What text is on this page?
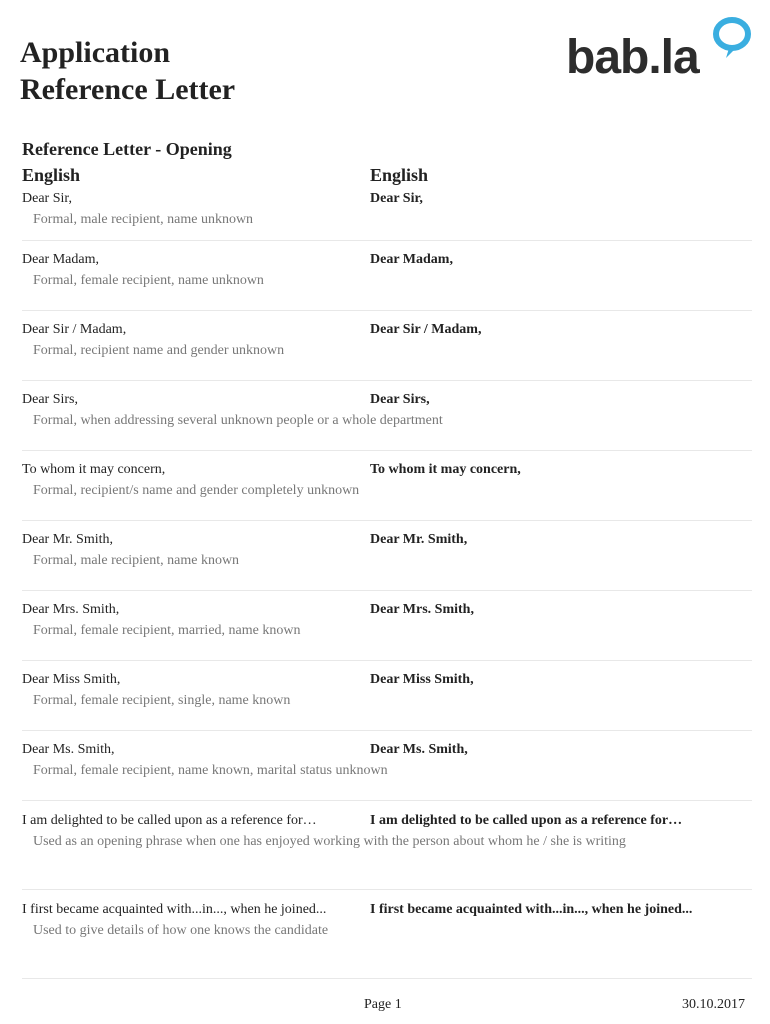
Application
Reference Letter
bab.la
Reference Letter - Opening
English	English
Dear Sir,	Dear Sir,
Formal, male recipient, name unknown
Dear Madam,	Dear Madam,
Formal, female recipient, name unknown
Dear Sir / Madam,	Dear Sir / Madam,
Formal, recipient name and gender unknown
Dear Sirs,	Dear Sirs,
Formal, when addressing several unknown people or a whole department
To whom it may concern,	To whom it may concern,
Formal, recipient/s name and gender completely unknown
Dear Mr. Smith,	Dear Mr. Smith,
Formal, male recipient, name known
Dear Mrs. Smith,	Dear Mrs. Smith,
Formal, female recipient, married, name known
Dear Miss Smith,	Dear Miss Smith,
Formal, female recipient, single, name known
Dear Ms. Smith,	Dear Ms. Smith,
Formal, female recipient, name known, marital status unknown
I am delighted to be called upon as a reference for…	I am delighted to be called upon as a reference for…
Used as an opening phrase when one has enjoyed working with the person about whom he / she is writing
I first became acquainted with...in..., when he joined...	I first became acquainted with...in..., when he joined...
Used to give details of how one knows the candidate
Page 1	30.10.2017
